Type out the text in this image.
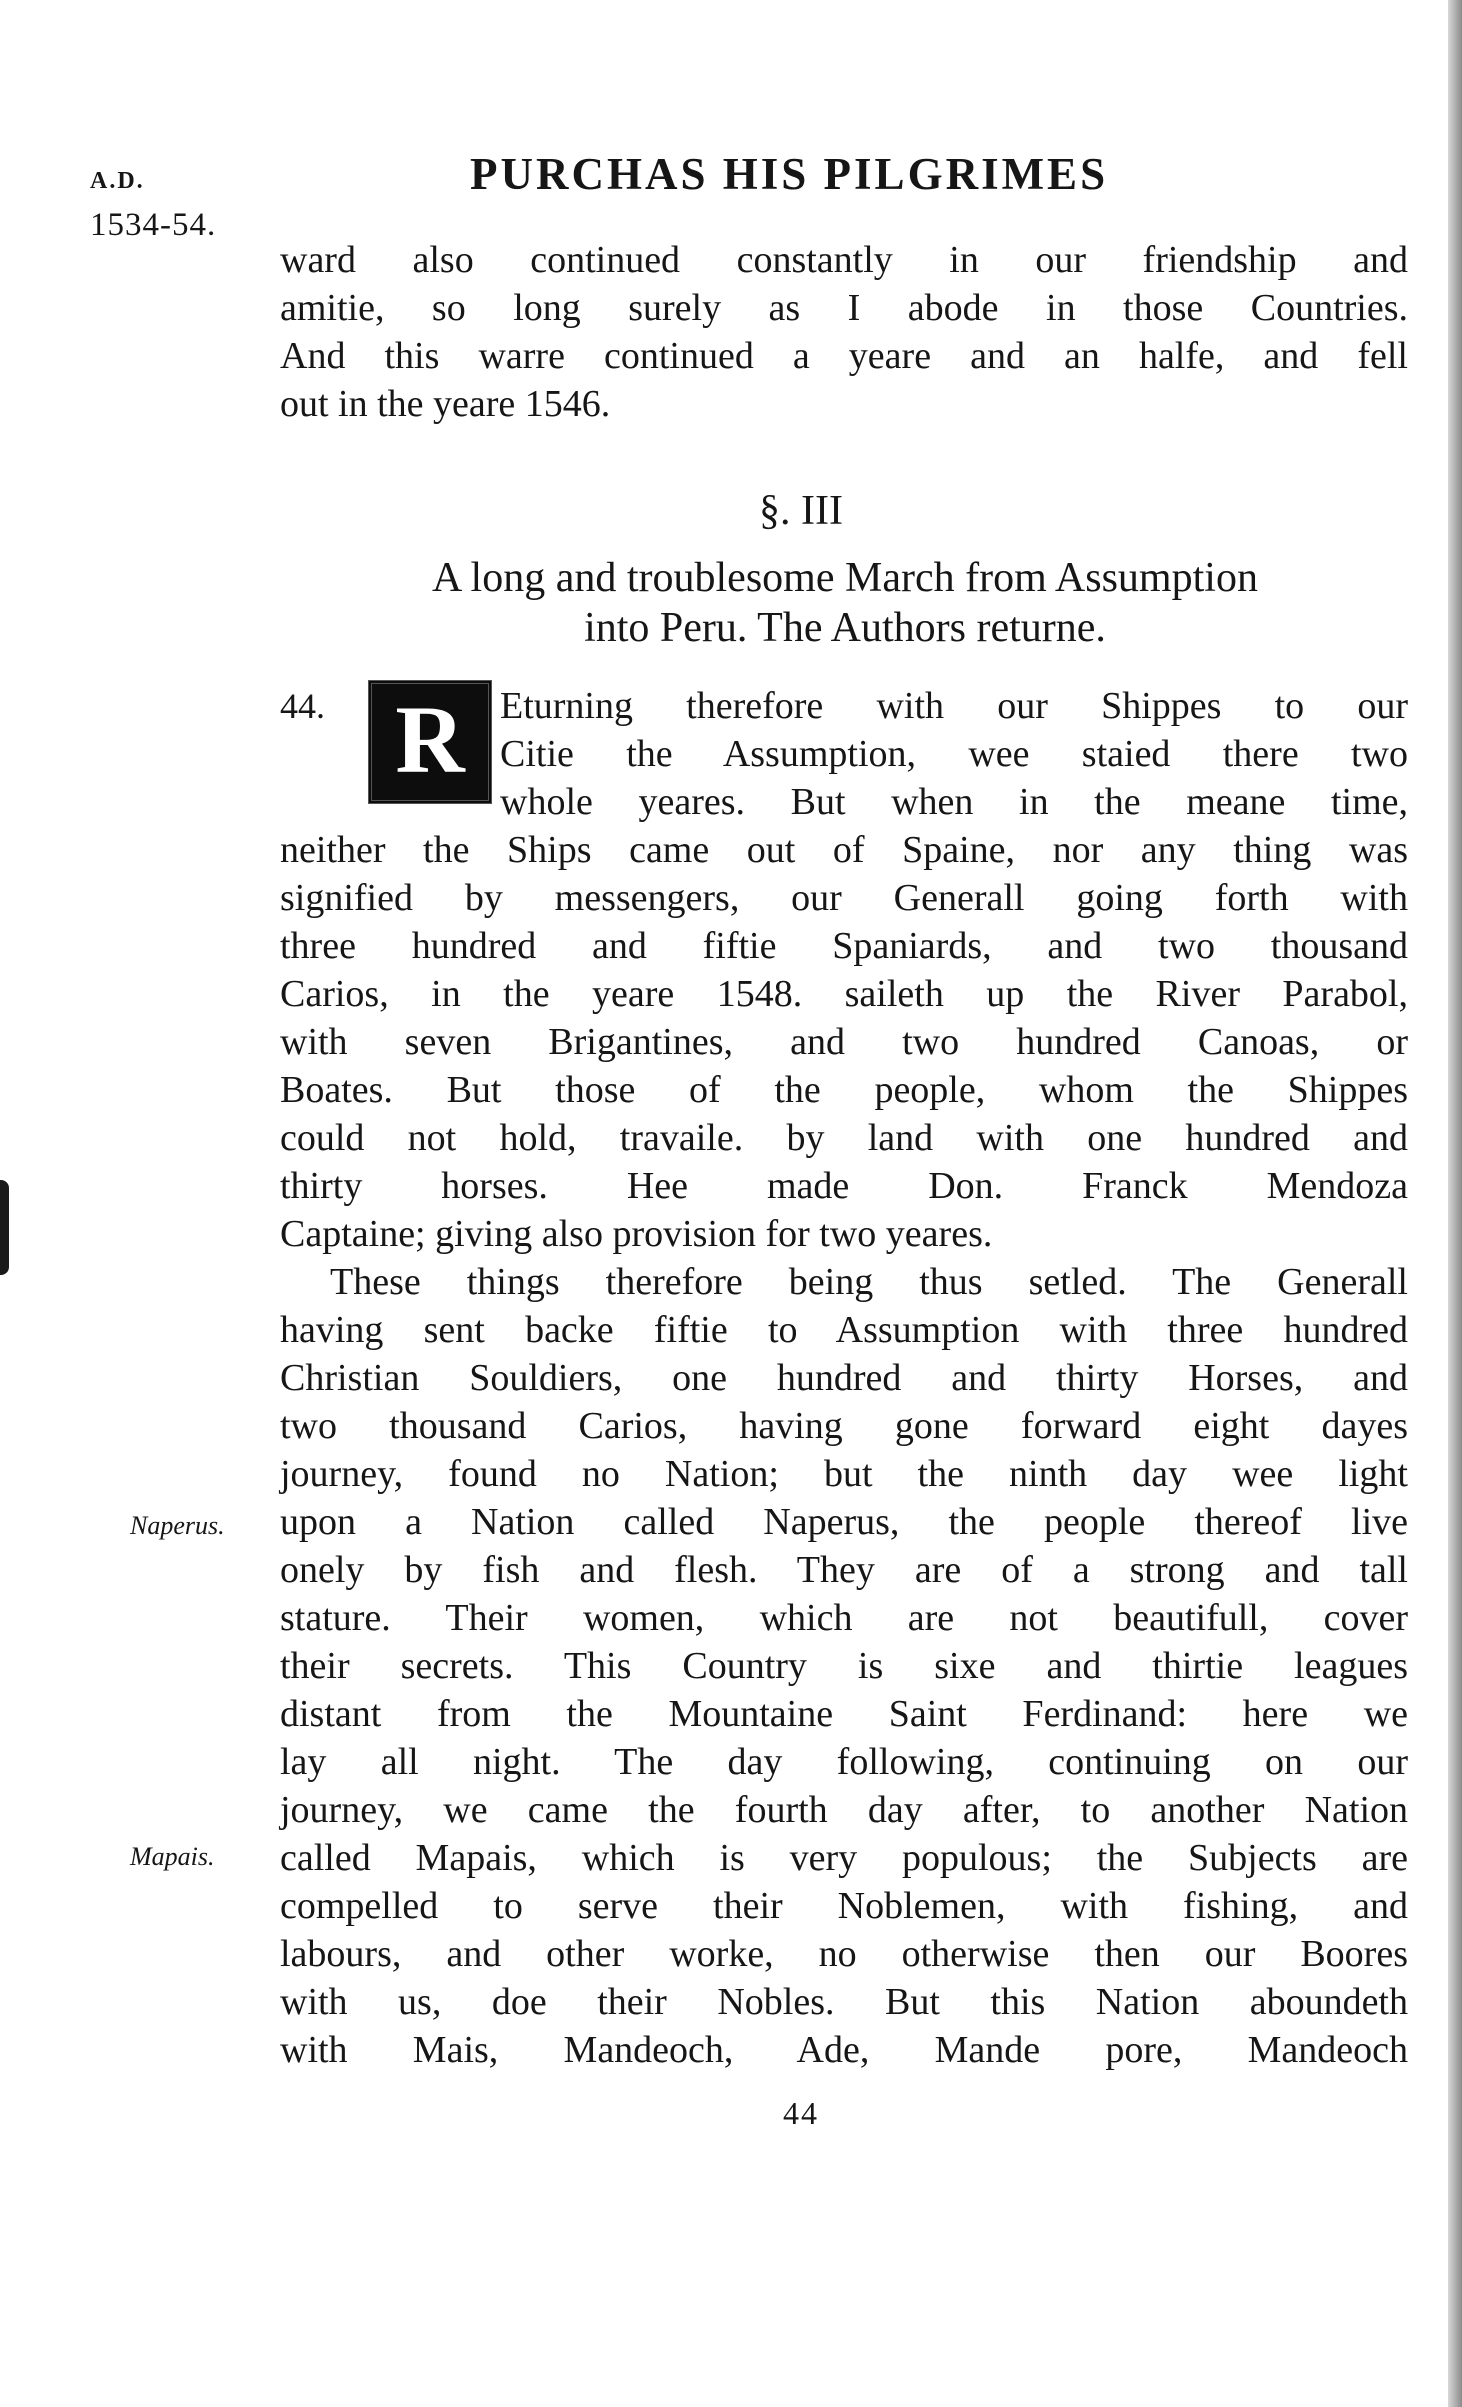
A.D.
1534-54.
PURCHAS HIS PILGRIMES
ward also continued constantly in our friendship and
amitie, so long surely as I abode in those Countries.
And this warre continued a yeare and an halfe, and fell
out in the yeare 1546.
§. III
A long and troublesome March from Assumption
into Peru. The Authors returne.
44. R Eturning therefore with our Shippes to our
Citie the Assumption, wee staied there two
whole yeares. But when in the meane time,
neither the Ships came out of Spaine, nor any thing was
signified by messengers, our Generall going forth with
three hundred and fiftie Spaniards, and two thousand
Carios, in the yeare 1548. saileth up the River Parabol,
with seven Brigantines, and two hundred Canoas, or
Boates. But those of the people, whom the Shippes
could not hold, travaile. by land with one hundred and
thirty horses. Hee made Don. Franck Mendoza
Captaine; giving also provision for two yeares.
These things therefore being thus setled. The Generall
having sent backe fiftie to Assumption with three hundred
Christian Souldiers, one hundred and thirty Horses, and
two thousand Carios, having gone forward eight dayes
journey, found no Nation; but the ninth day wee light
upon a Nation called Naperus, the people thereof live
onely by fish and flesh. They are of a strong and tall
stature. Their women, which are not beautifull, cover
their secrets. This Country is sixe and thirtie leagues
distant from the Mountaine Saint Ferdinand: here we
lay all night. The day following, continuing on our
journey, we came the fourth day after, to another Nation
called Mapais, which is very populous; the Subjects are
compelled to serve their Noblemen, with fishing, and
labours, and other worke, no otherwise then our Boores
with us, doe their Nobles. But this Nation aboundeth
with Mais, Mandeoch, Ade, Mande pore, Mandeoch
Naperus.
Mapais.
44
